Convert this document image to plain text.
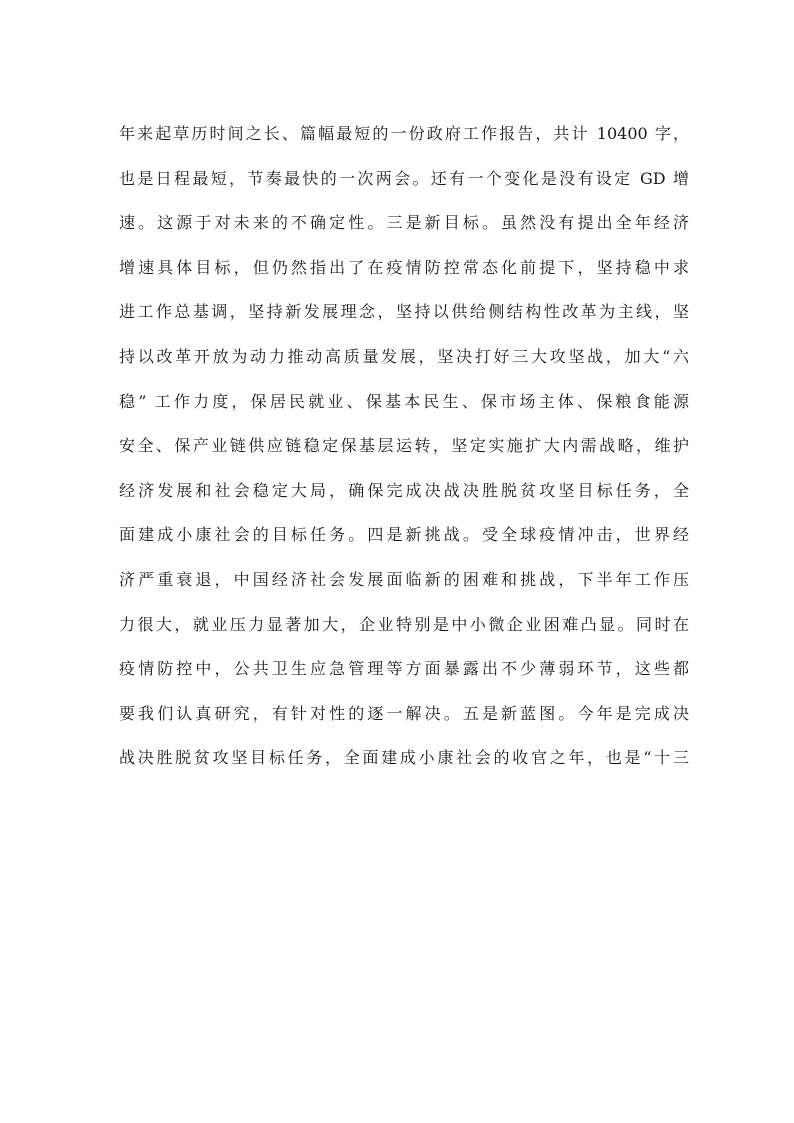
年来起草历时间之长、篇幅最短的一份政府工作报告，共计 10400 字，
也是日程最短，节奏最快的一次两会。还有一个变化是没有设定 GD 增
速。这源于对未来的不确定性。三是新目标。虽然没有提出全年经济
增速具体目标，但仍然指出了在疫情防控常态化前提下，坚持稳中求
进工作总基调，坚持新发展理念，坚持以供给侧结构性改革为主线，坚
持以改革开放为动力推动高质量发展，坚决打好三大攻坚战，加大“六
稳” 工作力度，保居民就业、保基本民生、保市场主体、保粮食能源
安全、保产业链供应链稳定保基层运转，坚定实施扩大内需战略，维护
经济发展和社会稳定大局，确保完成决战决胜脱贫攻坚目标任务，全
面建成小康社会的目标任务。四是新挑战。受全球疫情冲击，世界经
济严重衰退，中国经济社会发展面临新的困难和挑战，下半年工作压
力很大，就业压力显著加大，企业特别是中小微企业困难凸显。同时在
疫情防控中，公共卫生应急管理等方面暴露出不少薄弱环节，这些都
要我们认真研究，有针对性的逐一解决。五是新蓝图。今年是完成决
战决胜脱贫攻坚目标任务，全面建成小康社会的收官之年，也是“十三
